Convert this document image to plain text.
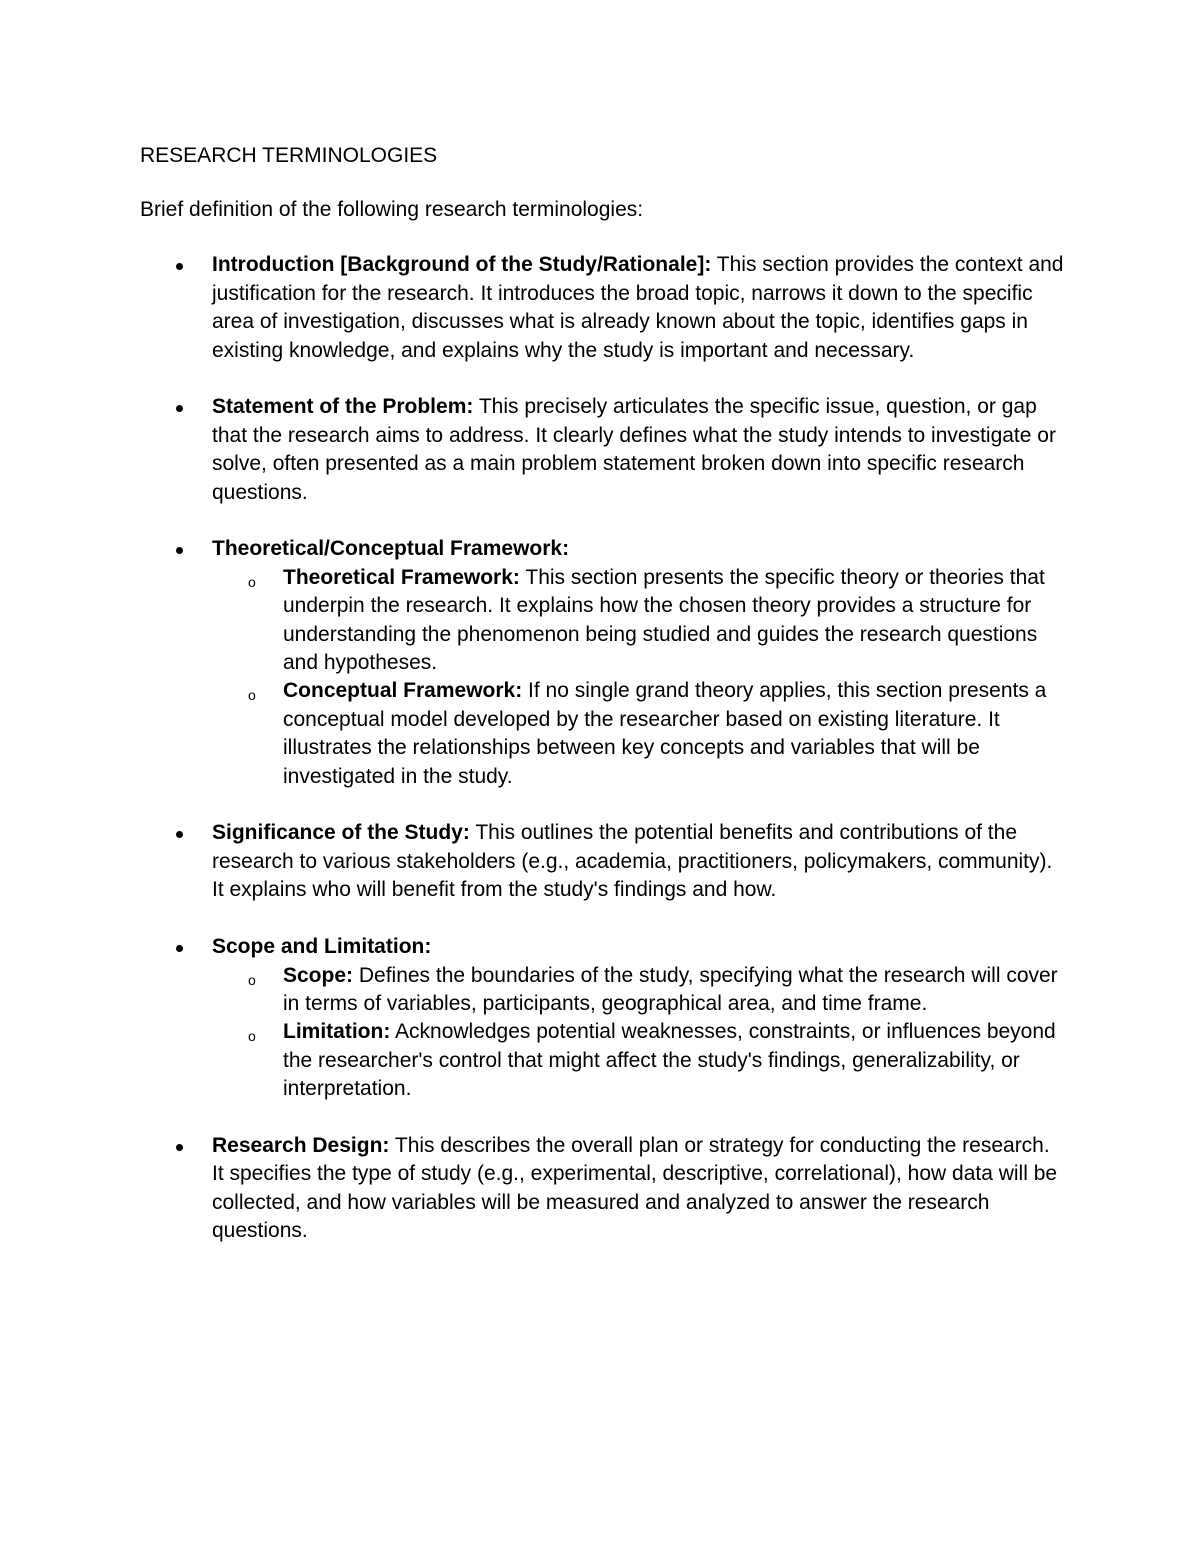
RESEARCH TERMINOLOGIES

Brief definition of the following research terminologies:

Introduction [Background of the Study/Rationale]: This section provides the context and justification for the research. It introduces the broad topic, narrows it down to the specific area of investigation, discusses what is already known about the topic, identifies gaps in existing knowledge, and explains why the study is important and necessary.
Statement of the Problem: This precisely articulates the specific issue, question, or gap that the research aims to address. It clearly defines what the study intends to investigate or solve, often presented as a main problem statement broken down into specific research questions.
Theoretical/Conceptual Framework:
o Theoretical Framework: This section presents the specific theory or theories that underpin the research. It explains how the chosen theory provides a structure for understanding the phenomenon being studied and guides the research questions and hypotheses.
o Conceptual Framework: If no single grand theory applies, this section presents a conceptual model developed by the researcher based on existing literature. It illustrates the relationships between key concepts and variables that will be investigated in the study.
Significance of the Study: This outlines the potential benefits and contributions of the research to various stakeholders (e.g., academia, practitioners, policymakers, community). It explains who will benefit from the study's findings and how.
Scope and Limitation:
o Scope: Defines the boundaries of the study, specifying what the research will cover in terms of variables, participants, geographical area, and time frame.
o Limitation: Acknowledges potential weaknesses, constraints, or influences beyond the researcher's control that might affect the study's findings, generalizability, or interpretation.
Research Design: This describes the overall plan or strategy for conducting the research. It specifies the type of study (e.g., experimental, descriptive, correlational), how data will be collected, and how variables will be measured and analyzed to answer the research questions.
